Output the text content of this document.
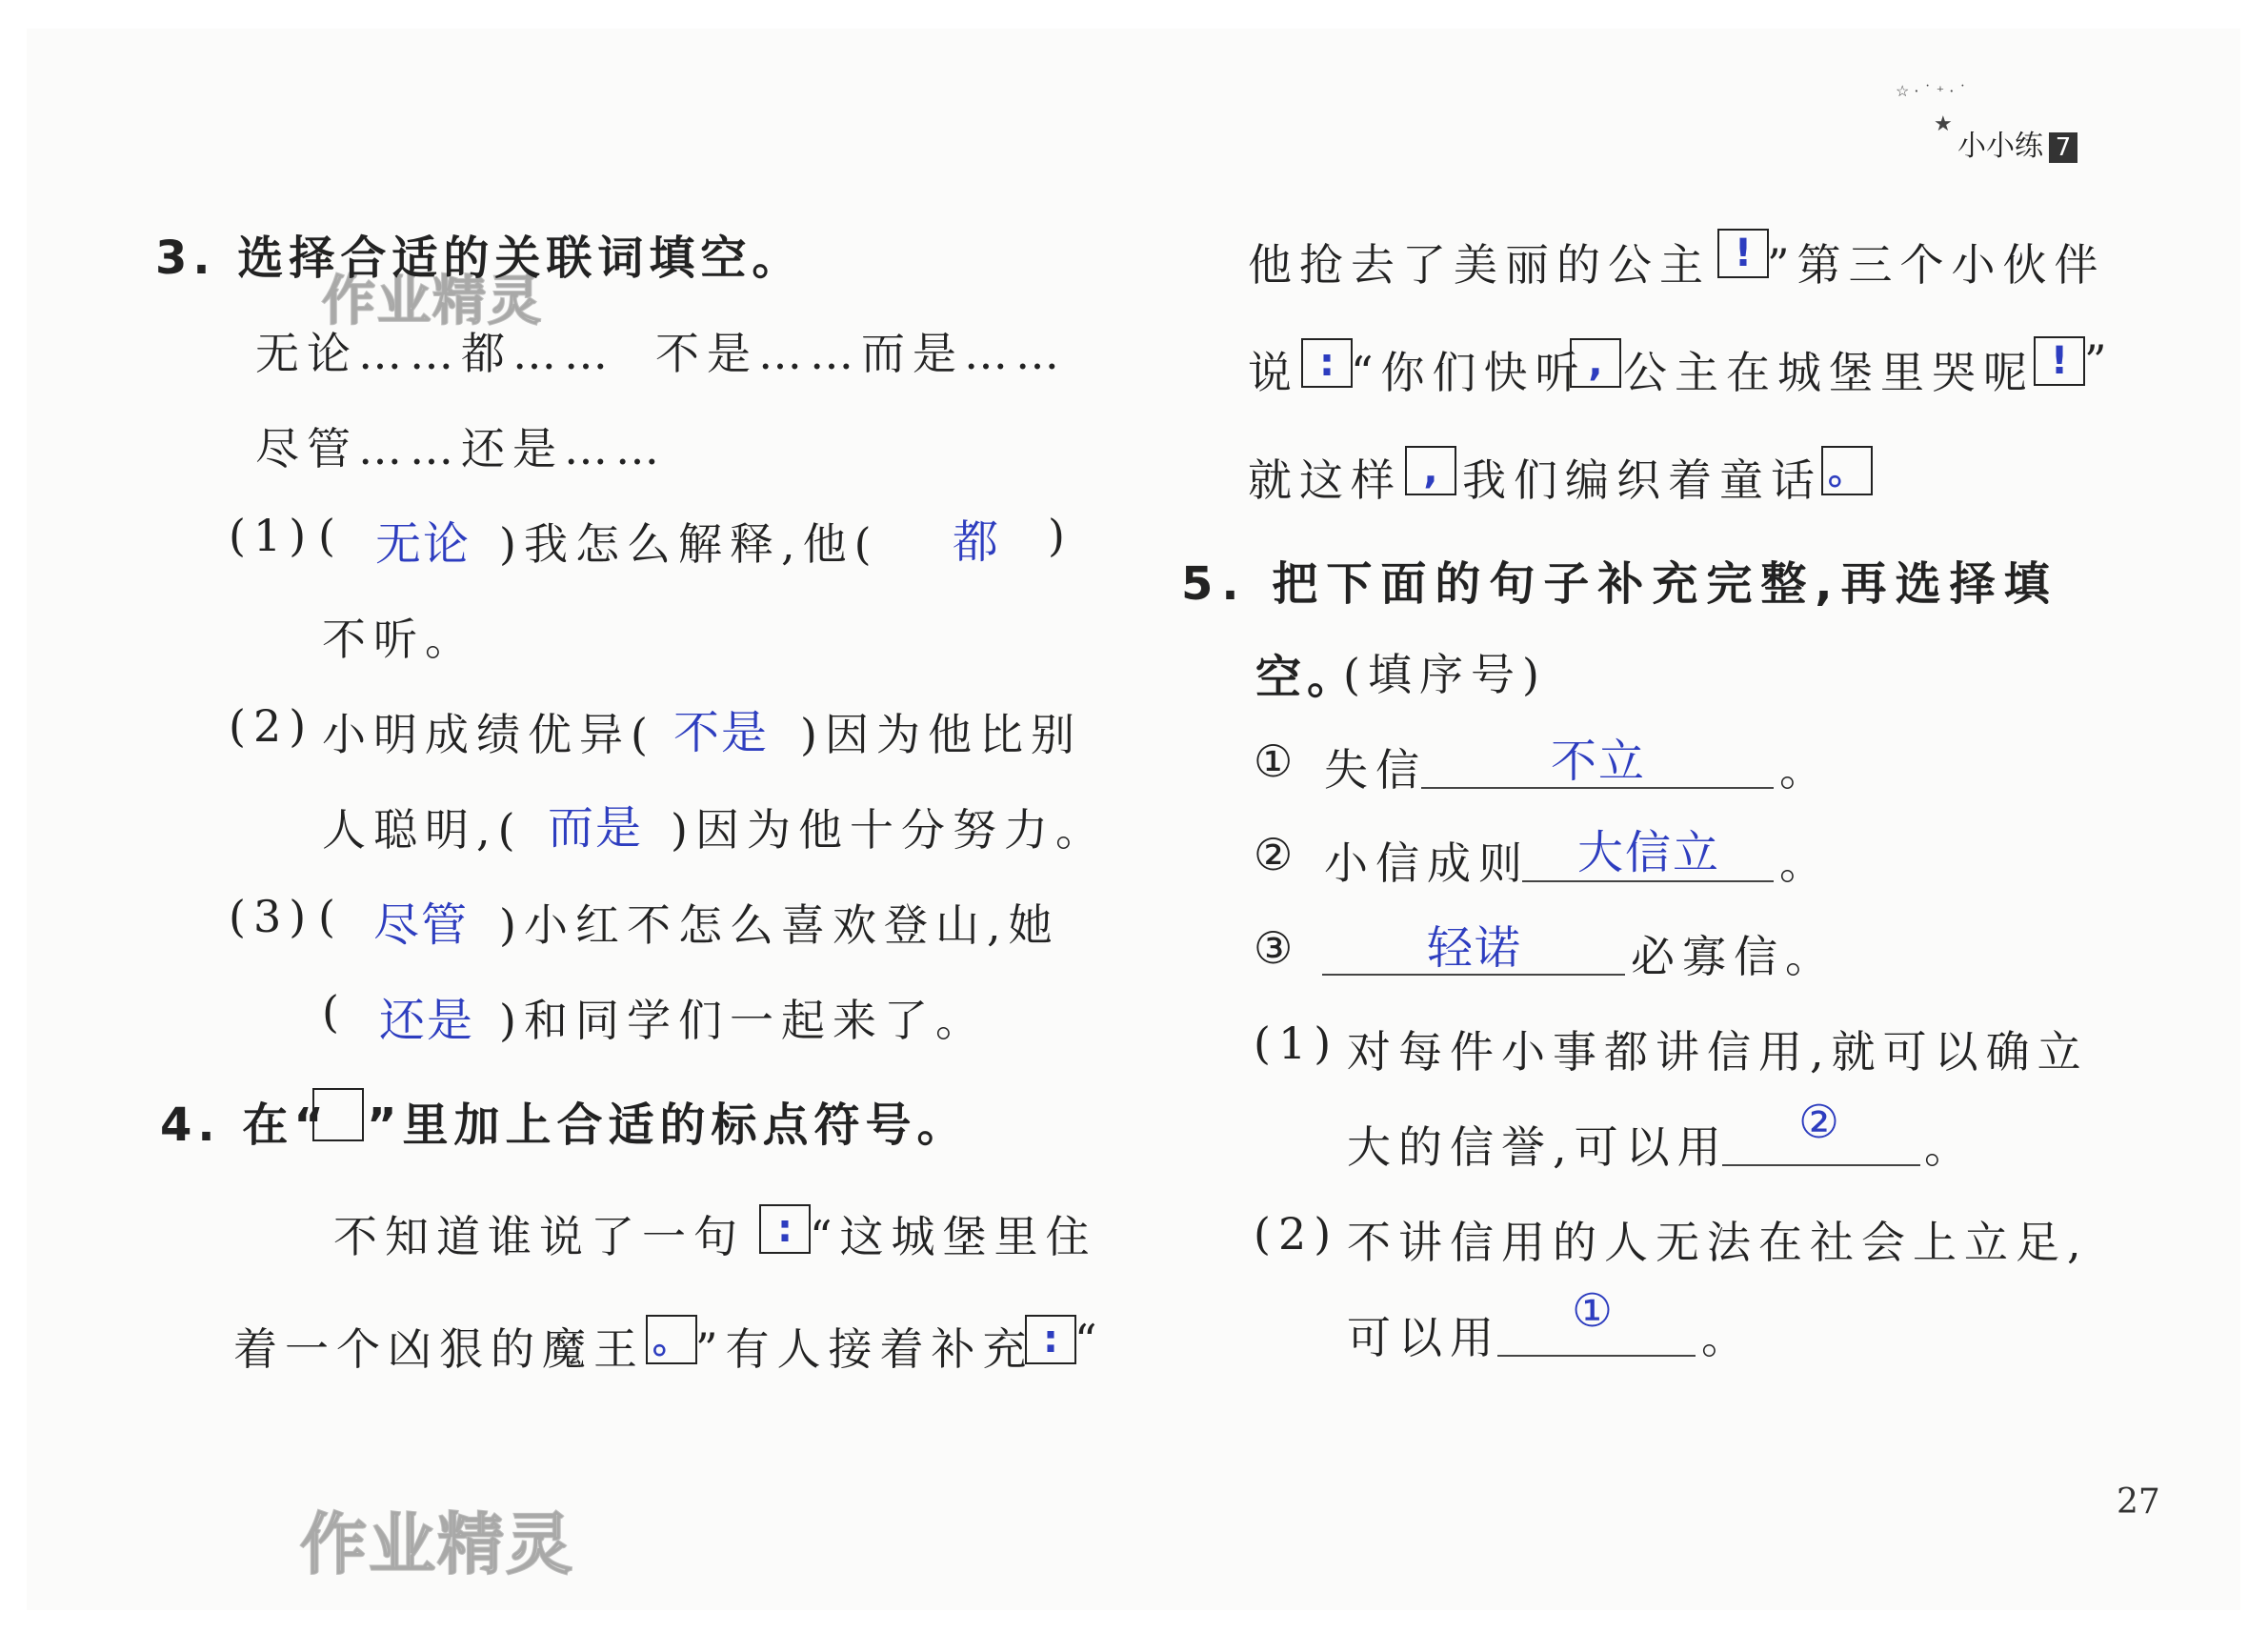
☆ · ˙ ⁺ · ˙
★
小小练 7
作业精灵
作业精灵
3. 选择合适的关联词填空。
无论……都…… 不是……而是……
尽管……还是……
(1) ( 无论 )我怎么解释,他( 都 )
不听。
(2) 小明成绩优异( 不是 )因为他比别
人聪明,( 而是 )因为他十分努力。
(3) ( 尽管 )小红不怎么喜欢登山,她
( 还是 )和同学们一起来了。
4. 在“ ”里加上合适的标点符号。
不知道谁说了一句 : “这城堡里住
着一个凶狠的魔王 。 ”有人接着补充 : “
他抢去了美丽的公主 ! ”第三个小伙伴
说 : “你们快听 , 公主在城堡里哭呢 ! ”
就这样 , 我们编织着童话 。
5. 把下面的句子补充完整,再选择填
空。
(填序号)
① 失信	不立	。
② 小信成则 大信立 。
③	轻诺 必寡信。
(1) 对每件小事都讲信用,就可以确立
大的信誉,可以用 ② 。
(2) 不讲信用的人无法在社会上立足,
可以用 ① 。
27
